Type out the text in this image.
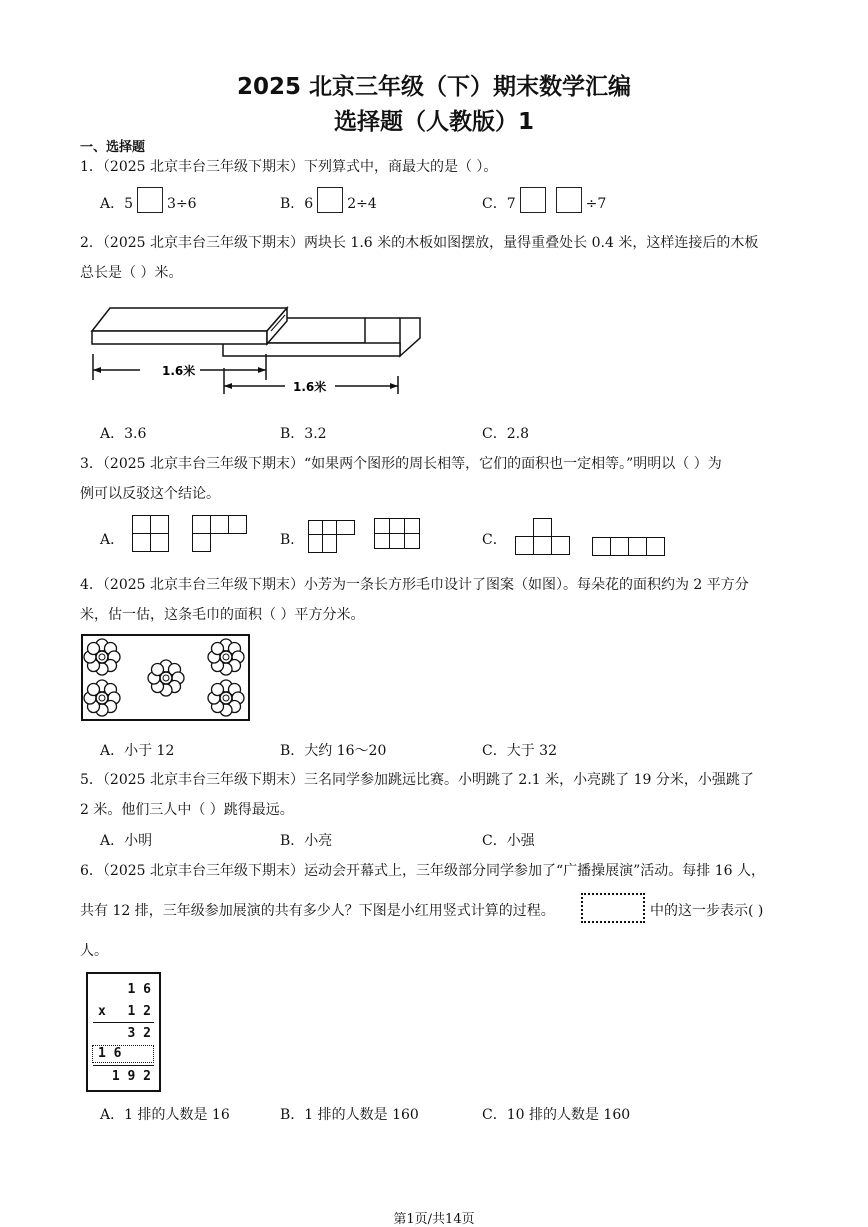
2025 北京三年级（下）期末数学汇编
选择题（人教版）1
一、选择题
1．（2025 北京丰台三年级下期末）下列算式中，商最大的是（ ）。
A．5 3÷6	B．6 2÷4	C．7	÷7
2．（2025 北京丰台三年级下期末）两块长 1.6 米的木板如图摆放，量得重叠处长 0.4 米，这样连接后的木板
总长是（ ）米。
1.6米
1.6米
A．3.6	B．3.2	C．2.8
3．（2025 北京丰台三年级下期末）“如果两个图形的周长相等，它们的面积也一定相等。”明明以（ ）为
例可以反驳这个结论。
A．

			B．

			C．

4．（2025 北京丰台三年级下期末）小芳为一条长方形毛巾设计了图案（如图）。每朵花的面积约为 2 平方分
米，估一估，这条毛巾的面积（ ）平方分米。
A．小于 12	B．大约 16～20	C．大于 32
5．（2025 北京丰台三年级下期末）三名同学参加跳远比赛。小明跳了 2.1 米，小亮跳了 19 分米，小强跳了
2 米。他们三人中（ ）跳得最远。
A．小明	B．小亮	C．小强
6．（2025 北京丰台三年级下期末）运动会开幕式上，三年级部分同学参加了“广播操展演”活动。每排 16 人，
共有 12 排，三年级参加展演的共有多少人？下图是小红用竖式计算的过程。	中的这一步表示( )
人。
1 6
x 1 2
3 2
1 6
1 9 2
A．1 排的人数是 16	B．1 排的人数是 160	C．10 排的人数是 160
第1页/共14页
